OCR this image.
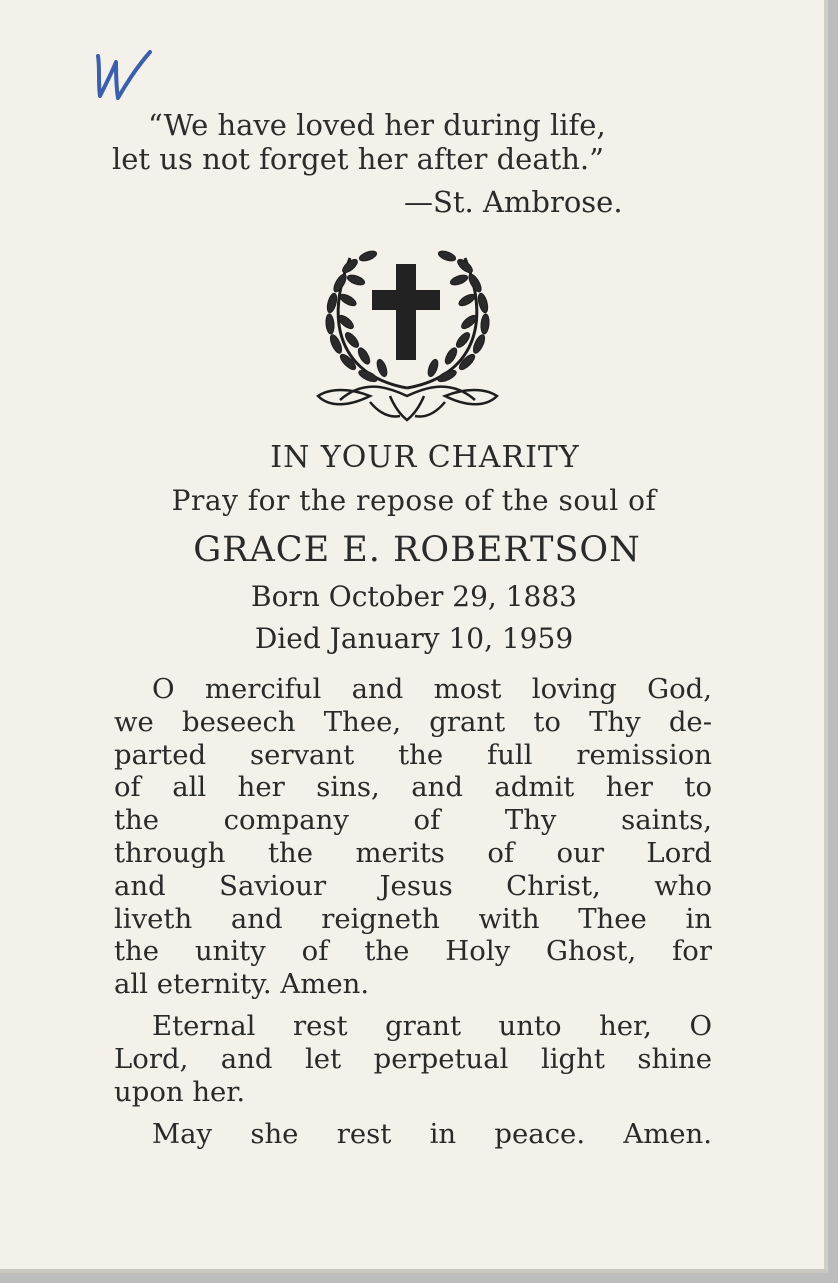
“We have loved her during life,
let us not forget her after death.”
—St. Ambrose.
IN YOUR CHARITY
Pray for the repose of the soul of
GRACE E. ROBERTSON
Born October 29, 1883
Died January 10, 1959
O merciful and most loving God,
we beseech Thee, grant to Thy de-
parted servant the full remission
of all her sins, and admit her to
the company of Thy saints,
through the merits of our Lord
and Saviour Jesus Christ, who
liveth and reigneth with Thee in
the unity of the Holy Ghost, for
all eternity. Amen.
Eternal rest grant unto her, O
Lord, and let perpetual light shine
upon her.
May she rest in peace. Amen.
